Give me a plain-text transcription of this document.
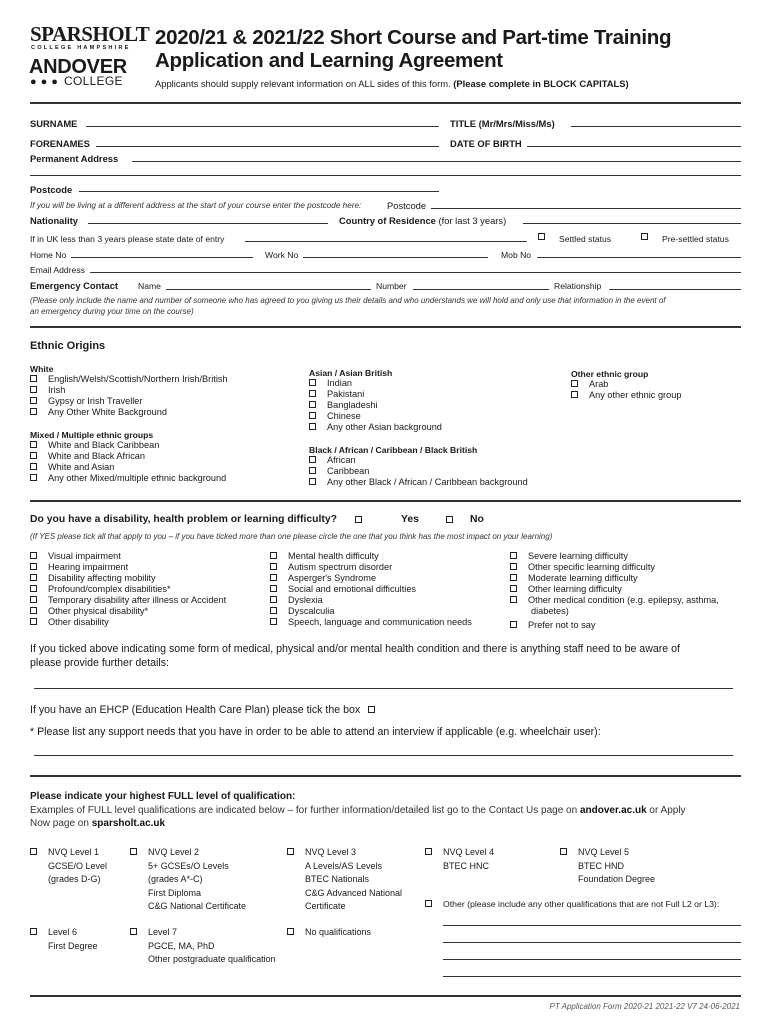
SPARSHOLT
COLLEGE HAMPSHIRE
ANDOVER
●●● COLLEGE
2020/21 & 2021/22 Short Course and Part-time Training
Application and Learning Agreement
Applicants should supply relevant information on ALL sides of this form. (Please complete in BLOCK CAPITALS)
SURNAME	TITLE (Mr/Mrs/Miss/Ms)
FORENAMES	DATE OF BIRTH
Permanent Address
Postcode
If you will be living at a different address at the start of your course enter the postcode here:	Postcode
Nationality	Country of Residence (for last 3 years)
If in UK less than 3 years please state date of entry	Settled status	Pre-settled status
Home No	Work No	Mob No
Email Address
Emergency Contact Name	Number	Relationship
(Please only include the name and number of someone who has agreed to you giving us their details and who understands we will hold and only use that information in the event of
an emergency during your time on the course)
Ethnic Origins
White
English/Welsh/Scottish/Northern Irish/British
Irish
Gypsy or Irish Traveller
Any Other White Background
Mixed / Multiple ethnic groups
White and Black Caribbean
White and Black African
White and Asian
Any other Mixed/multiple ethnic background
Asian / Asian British
Indian
Pakistani
Bangladeshi
Chinese
Any other Asian background
Black / African / Caribbean / Black British
African
Caribbean
Any other Black / African / Caribbean background
Other ethnic group
Arab
Any other ethnic group
Do you have a disability, health problem or learning difficulty?	Yes	No
(If YES please tick all that apply to you – if you have ticked more than one please circle the one that you think has the most impact on your learning)
Visual impairment
Hearing impairment
Disability affecting mobility
Profound/complex disabilities*
Temporary disability after illness or Accident
Other physical disability*
Other disability
Mental health difficulty
Autism spectrum disorder
Asperger's Syndrome
Social and emotional difficulties
Dyslexia
Dyscalculia
Speech, language and communication needs
Severe learning difficulty
Other specific learning difficulty
Moderate learning difficulty
Other learning difficulty
Other medical condition (e.g. epilepsy, asthma,
diabetes)
Prefer not to say
If you ticked above indicating some form of medical, physical and/or mental health condition and there is anything staff need to be aware of
please provide further details:
If you have an EHCP (Education Health Care Plan) please tick the box
* Please list any support needs that you have in order to be able to attend an interview if applicable (e.g. wheelchair user):
Please indicate your highest FULL level of qualification:
Examples of FULL level qualifications are indicated below – for further information/detailed list go to the Contact Us page on andover.ac.uk or Apply
Now page on sparsholt.ac.uk
NVQ Level 1
GCSE/O Level
(grades D-G)
NVQ Level 2
5+ GCSEs/O Levels
(grades A*-C)
First Diploma
C&G National Certificate
NVQ Level 3
A Levels/AS Levels
BTEC Nationals
C&G Advanced National
Certificate
NVQ Level 4
BTEC HNC
NVQ Level 5
BTEC HND
Foundation Degree
Other (please include any other qualifications that are not Full L2 or L3):
Level 6
First Degree
Level 7
PGCE, MA, PhD
Other postgraduate qualification
No qualifications
PT Application Form 2020-21 2021-22 V7 24-06-2021
